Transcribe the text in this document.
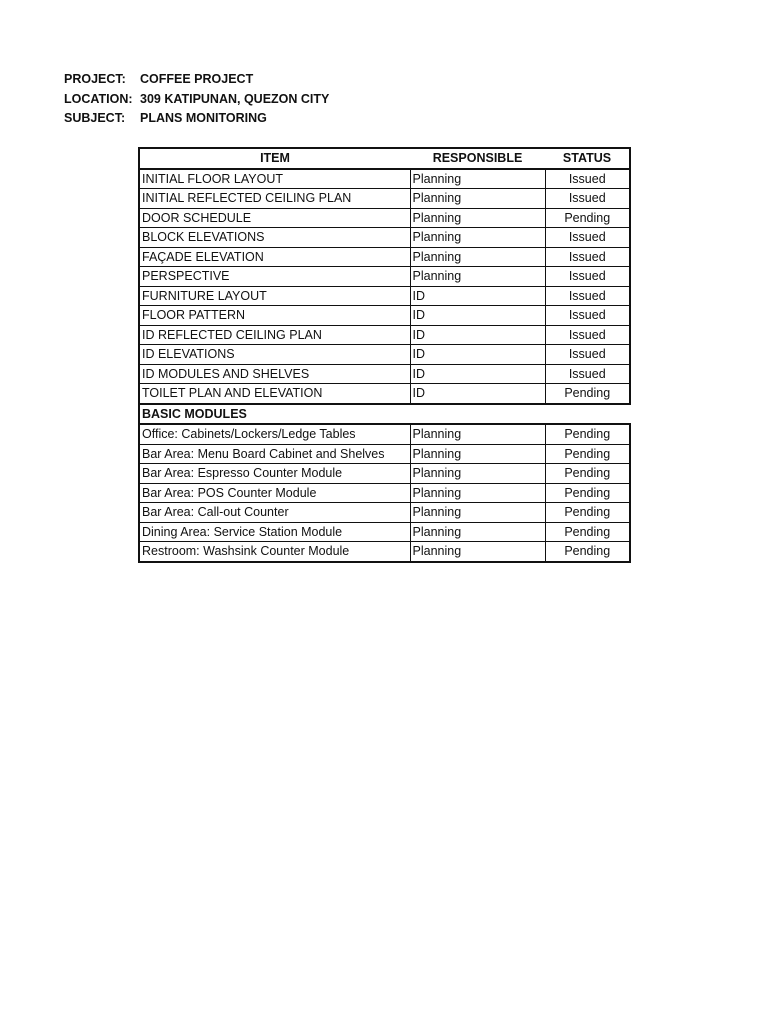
PROJECT:	COFFEE PROJECT
LOCATION: 309 KATIPUNAN, QUEZON CITY
SUBJECT:	PLANS MONITORING
ITEM	RESPONSIBLE	STATUS
INITIAL FLOOR LAYOUT	Planning	Issued
INITIAL REFLECTED CEILING PLAN	Planning	Issued
DOOR SCHEDULE	Planning	Pending
BLOCK ELEVATIONS	Planning	Issued
FAÇADE ELEVATION	Planning	Issued
PERSPECTIVE	Planning	Issued
FURNITURE LAYOUT	ID	Issued
FLOOR PATTERN	ID	Issued
ID REFLECTED CEILING PLAN	ID	Issued
ID ELEVATIONS	ID	Issued
ID MODULES AND SHELVES	ID	Issued
TOILET PLAN AND ELEVATION	ID	Pending
BASIC MODULES		
Office: Cabinets/Lockers/Ledge Tables	Planning	Pending
Bar Area: Menu Board Cabinet and Shelves	Planning	Pending
Bar Area: Espresso Counter Module	Planning	Pending
Bar Area: POS Counter Module	Planning	Pending
Bar Area: Call-out Counter	Planning	Pending
Dining Area: Service Station Module	Planning	Pending
Restroom: Washsink Counter Module	Planning	Pending
